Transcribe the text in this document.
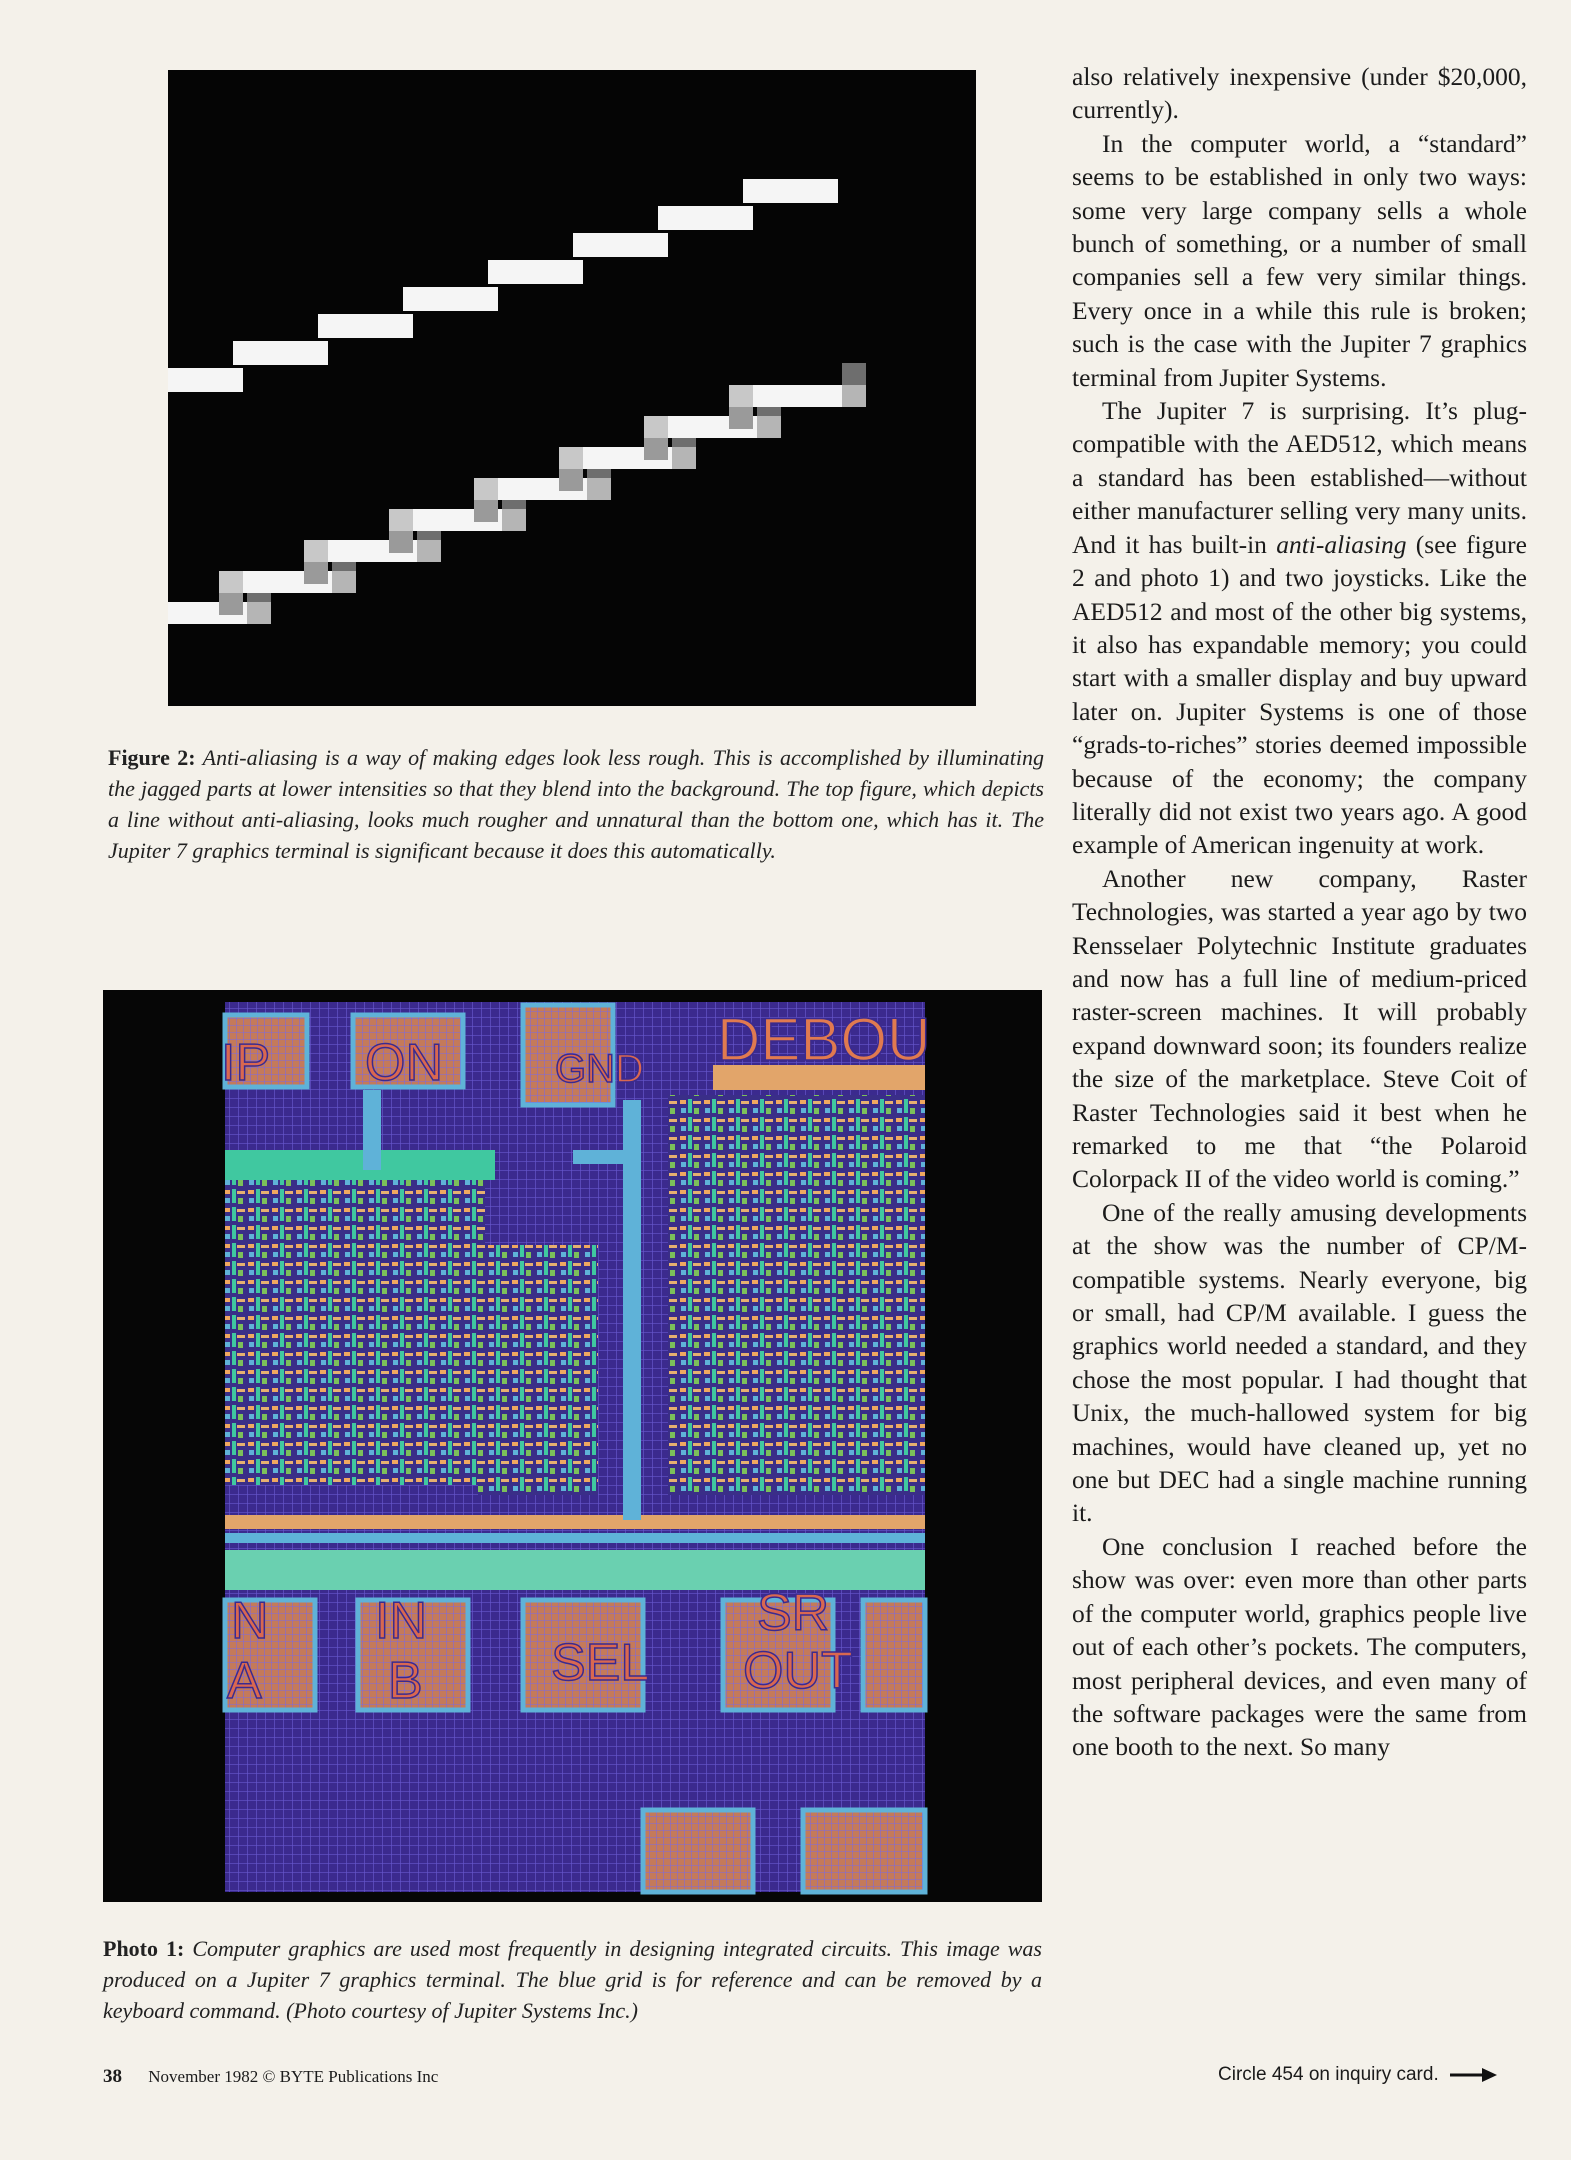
Figure 2: Anti-aliasing is a way of making edges look less rough. This is accomplished by illuminating the jagged parts at lower intensities so that they blend into the background. The top figure, which depicts a line without anti-aliasing, looks much rougher and unnatural than the bottom one, which has it. The Jupiter 7 graphics terminal is significant because it does this automatically.
IP ON	GND DEBOU
N
A
IN
B SEL
SR
OUT
Photo 1: Computer graphics are used most frequently in designing integrated circuits. This image was produced on a Jupiter 7 graphics terminal. The blue grid is for reference and can be removed by a keyboard command. (Photo courtesy of Jupiter Systems Inc.)

also relatively inexpensive (under $20,000, currently).

In the computer world, a “standard” seems to be established in only two ways: some very large company sells a whole bunch of something, or a number of small companies sell a few very similar things. Every once in a while this rule is broken; such is the case with the Jupiter 7 graphics terminal from Jupiter Systems.

The Jupiter 7 is surprising. It’s plug-compatible with the AED512, which means a standard has been established—without either manufacturer selling very many units. And it has built-in anti-aliasing (see figure 2 and photo 1) and two joysticks. Like the AED512 and most of the other big systems, it also has expandable memory; you could start with a smaller display and buy upward later on. Jupiter Systems is one of those “grads-to-riches” stories deemed impossible because of the economy; the company literally did not exist two years ago. A good example of American ingenuity at work.

Another new company, Raster Technologies, was started a year ago by two Rensselaer Polytechnic Institute graduates and now has a full line of medium-priced raster-screen machines. It will probably expand downward soon; its founders realize the size of the marketplace. Steve Coit of Raster Technologies said it best when he remarked to me that “the Polaroid Colorpack II of the video world is coming.”

One of the really amusing developments at the show was the number of CP/M-compatible systems. Nearly everyone, big or small, had CP/M available. I guess the graphics world needed a standard, and they chose the most popular. I had thought that Unix, the much-hallowed system for big machines, would have cleaned up, yet no one but DEC had a single machine running it.

One conclusion I reached before the show was over: even more than other parts of the computer world, graphics people live out of each other’s pockets. The computers, most peripheral devices, and even many of the software packages were the same from one booth to the next. So many

38 November 1982 © BYTE Publications Inc	Circle 454 on inquiry card.
